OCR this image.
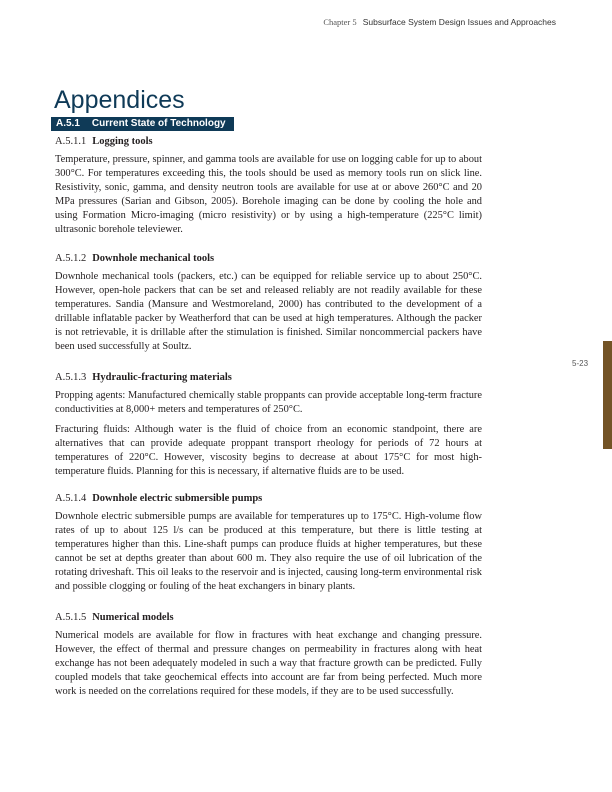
Chapter 5 Subsurface System Design Issues and Approaches
Appendices
A.5.1 Current State of Technology
A.5.1.1 Logging tools

Temperature, pressure, spinner, and gamma tools are available for use on logging cable for up to about 300°C. For temperatures exceeding this, the tools should be used as memory tools run on slick line. Resistivity, sonic, gamma, and density neutron tools are available for use at or above 260°C and 20 MPa pressures (Sarian and Gibson, 2005). Borehole imaging can be done by cooling the hole and using Formation Micro-imaging (micro resistivity) or by using a high-temperature (225°C limit) ultrasonic borehole televiewer.

A.5.1.2 Downhole mechanical tools

Downhole mechanical tools (packers, etc.) can be equipped for reliable service up to about 250°C. However, open-hole packers that can be set and released reliably are not readily available for these temperatures. Sandia (Mansure and Westmoreland, 2000) has contributed to the development of a drillable inflatable packer by Weatherford that can be used at high temperatures. Although the packer is not retrievable, it is drillable after the stimulation is finished. Similar noncommercial packers have been used successfully at Soultz.

A.5.1.3 Hydraulic-fracturing materials

Propping agents: Manufactured chemically stable proppants can provide acceptable long-term fracture conductivities at 8,000+ meters and temperatures of 250°C.

Fracturing fluids: Although water is the fluid of choice from an economic standpoint, there are alternatives that can provide adequate proppant transport rheology for periods of 72 hours at temperatures of 220°C. However, viscosity begins to decrease at about 175°C for most high-temperature fluids. Planning for this is necessary, if alternative fluids are to be used.

A.5.1.4 Downhole electric submersible pumps

Downhole electric submersible pumps are available for temperatures up to 175°C. High-volume flow rates of up to about 125 l/s can be produced at this temperature, but there is little testing at temperatures higher than this. Line-shaft pumps can produce fluids at higher temperatures, but these cannot be set at depths greater than about 600 m. They also require the use of oil lubrication of the rotating driveshaft. This oil leaks to the reservoir and is injected, causing long-term environmental risk and possible clogging or fouling of the heat exchangers in binary plants.

A.5.1.5 Numerical models

Numerical models are available for flow in fractures with heat exchange and changing pressure. However, the effect of thermal and pressure changes on permeability in fractures along with heat exchange has not been adequately modeled in such a way that fracture growth can be predicted. Fully coupled models that take geochemical effects into account are far from being perfected. Much more work is needed on the correlations required for these models, if they are to be used successfully.

5-23
